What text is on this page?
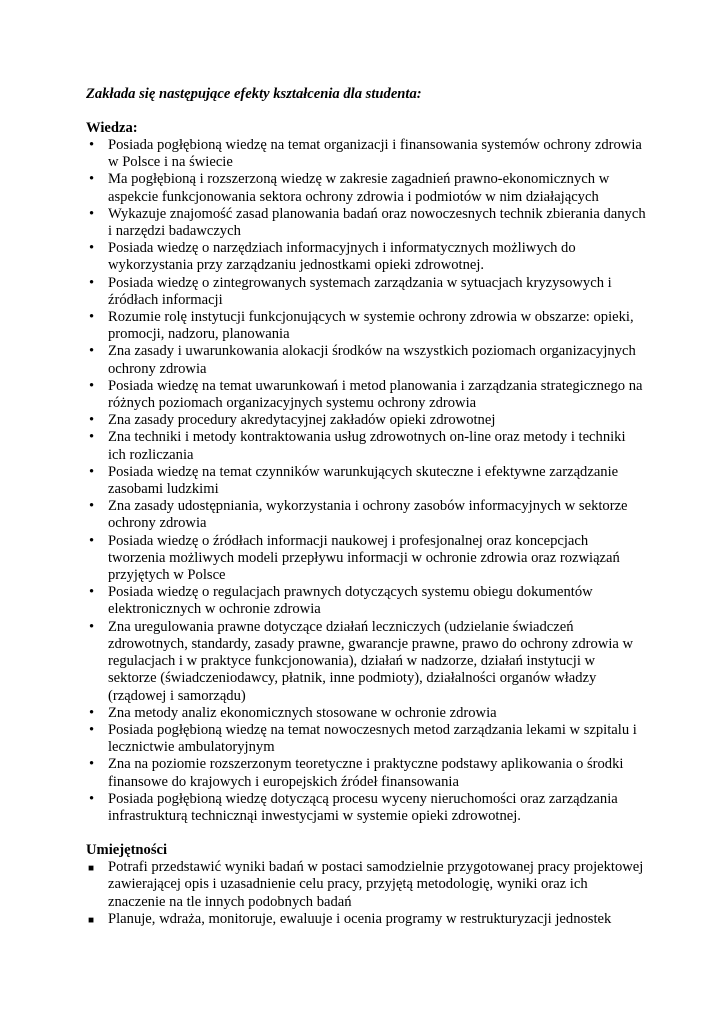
Zakłada się następujące efekty kształcenia dla studenta:

Wiedza:

• Posiada pogłębioną wiedzę na temat organizacji i finansowania systemów ochrony zdrowia w Polsce i na świecie
• Ma pogłębioną i rozszerzoną wiedzę w zakresie zagadnień prawno-ekonomicznych w aspekcie funkcjonowania sektora ochrony zdrowia i podmiotów w nim działających
• Wykazuje znajomość zasad planowania badań oraz nowoczesnych technik zbierania danych i narzędzi badawczych
• Posiada wiedzę o narzędziach informacyjnych i informatycznych możliwych do wykorzystania przy zarządzaniu jednostkami opieki zdrowotnej.
• Posiada wiedzę o zintegrowanych systemach zarządzania w sytuacjach kryzysowych i źródłach informacji
• Rozumie rolę instytucji funkcjonujących w systemie ochrony zdrowia w obszarze: opieki, promocji, nadzoru, planowania
• Zna zasady i uwarunkowania alokacji środków na wszystkich poziomach organizacyjnych ochrony zdrowia
• Posiada wiedzę na temat uwarunkowań i metod planowania i zarządzania strategicznego na różnych poziomach organizacyjnych systemu ochrony zdrowia
• Zna zasady procedury akredytacyjnej zakładów opieki zdrowotnej
• Zna techniki i metody kontraktowania usług zdrowotnych on-line oraz metody i techniki ich rozliczania
• Posiada wiedzę na temat czynników warunkujących skuteczne i efektywne zarządzanie zasobami ludzkimi
• Zna zasady udostępniania, wykorzystania i ochrony zasobów informacyjnych w sektorze ochrony zdrowia
• Posiada wiedzę o źródłach informacji naukowej i profesjonalnej oraz koncepcjach tworzenia możliwych modeli przepływu informacji w ochronie zdrowia oraz rozwiązań przyjętych w Polsce
• Posiada wiedzę o regulacjach prawnych dotyczących systemu obiegu dokumentów elektronicznych w ochronie zdrowia
• Zna uregulowania prawne dotyczące działań leczniczych (udzielanie świadczeń zdrowotnych, standardy, zasady prawne, gwarancje prawne, prawo do ochrony zdrowia w regulacjach i w praktyce funkcjonowania), działań w nadzorze, działań instytucji w sektorze (świadczeniodawcy, płatnik, inne podmioty), działalności organów władzy (rządowej i samorządu)
• Zna metody analiz ekonomicznych stosowane w ochronie zdrowia
• Posiada pogłębioną wiedzę na temat nowoczesnych metod zarządzania lekami w szpitalu i lecznictwie ambulatoryjnym
• Zna na poziomie rozszerzonym teoretyczne i praktyczne podstawy aplikowania o środki finansowe do krajowych i europejskich źródeł finansowania
• Posiada pogłębioną wiedzę dotyczącą procesu wyceny nieruchomości oraz zarządzania infrastrukturą technicznąi inwestycjami w systemie opieki zdrowotnej.

Umiejętności

■ Potrafi przedstawić wyniki badań w postaci samodzielnie przygotowanej pracy projektowej zawierającej opis i uzasadnienie celu pracy, przyjętą metodologię, wyniki oraz ich znaczenie na tle innych podobnych badań
■ Planuje, wdraża, monitoruje, ewaluuje i ocenia programy w restrukturyzacji jednostek
